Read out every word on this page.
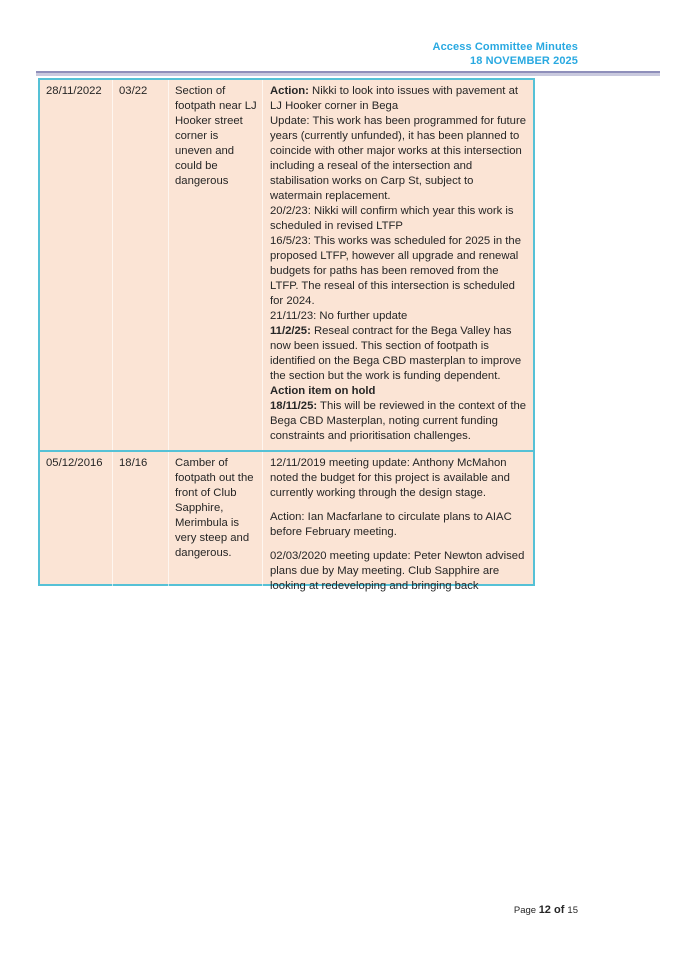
Access Committee Minutes
18 NOVEMBER 2025
28/11/2022	03/22	Section of footpath near LJ Hooker street corner is uneven and could be dangerous

Action: Nikki to look into issues with pavement at LJ Hooker corner in Bega

Update: This work has been programmed for future years (currently unfunded), it has been planned to coincide with other major works at this intersection including a reseal of the intersection and stabilisation works on Carp St, subject to watermain replacement.

20/2/23: Nikki will confirm which year this work is scheduled in revised LTFP

16/5/23: This works was scheduled for 2025 in the proposed LTFP, however all upgrade and renewal budgets for paths has been removed from the LTFP. The reseal of this intersection is scheduled

for 2024.

21/11/23: No further update

11/2/25: Reseal contract for the Bega Valley has now been issued. This section of footpath is identified on the Bega CBD masterplan to improve the section but the work is funding dependent.

Action item on hold

18/11/25: This will be reviewed in the context of the Bega CBD Masterplan, noting current funding constraints and prioritisation challenges.

05/12/2016	18/16	Camber of footpath out the front of Club Sapphire, Merimbula is very steep and dangerous.

12/11/2019 meeting update: Anthony McMahon noted the budget for this project is available and currently working through the design stage.

Action: Ian Macfarlane to circulate plans to AIAC before February meeting.

02/03/2020 meeting update: Peter Newton advised plans due by May meeting. Club Sapphire are looking at redeveloping and bringing back

Page 12 of 15
